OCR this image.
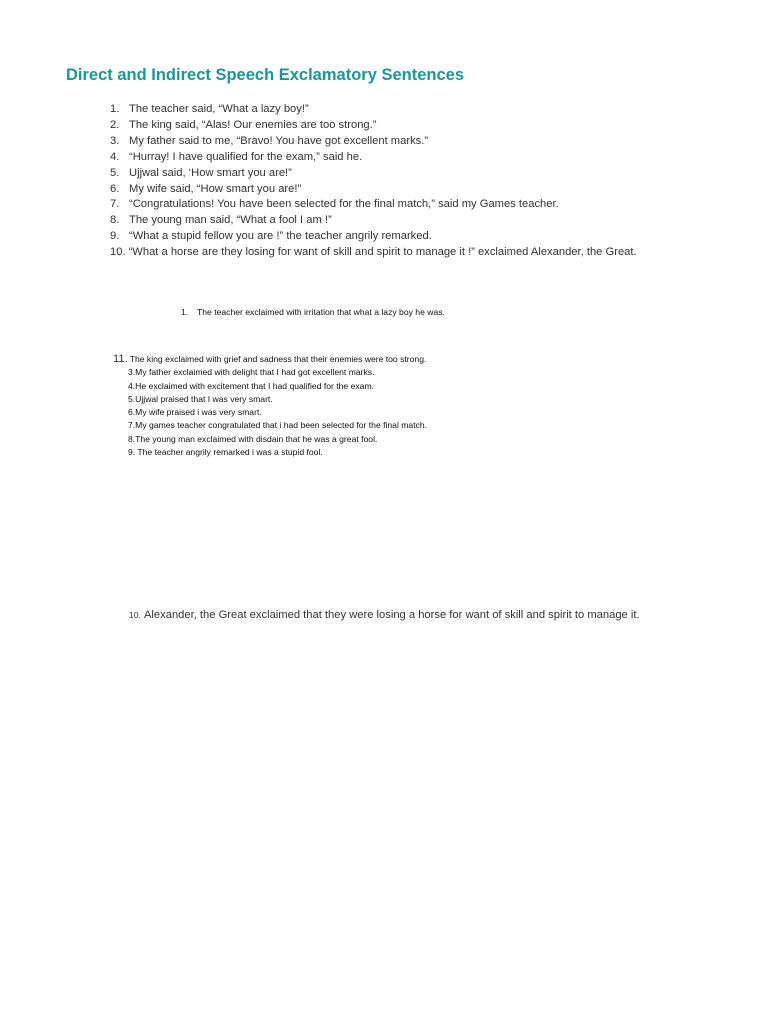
Direct and Indirect Speech Exclamatory Sentences
1. The teacher said, “What a lazy boy!”
2. The king said, “Alas! Our enemies are too strong.”
3. My father said to me, “Bravo! You have got excellent marks.”
4. “Hurray! I have qualified for the exam,” said he.
5. Ujjwal said, ‘How smart you are!”
6. My wife said, “How smart you are!”
7. “Congratulations! You have been selected for the final match,” said my Games teacher.
8. The young man said, “What a fool I am !”
9. “What a stupid fellow you are !” the teacher angrily remarked.
10. “What a horse are they losing for want of skill and spirit to manage it !” exclaimed Alexander, the Great.
1. The teacher exclaimed with irritation that what a lazy boy he was.
11. The king exclaimed with grief and sadness that their enemies were too strong.
3.My father exclaimed with delight that I had got excellent marks.
4.He exclaimed with excitement that I had qualified for the exam.
5.Ujjwal praised that I was very smart.
6.My wife praised i was very smart.
7.My games teacher congratulated that i had been selected for the final match.
8.The young man exclaimed with disdain that he was a great fool.
9. The teacher angrily remarked i was a stupid fool.
10. Alexander, the Great exclaimed that they were losing a horse for want of skill and spirit to manage it.
